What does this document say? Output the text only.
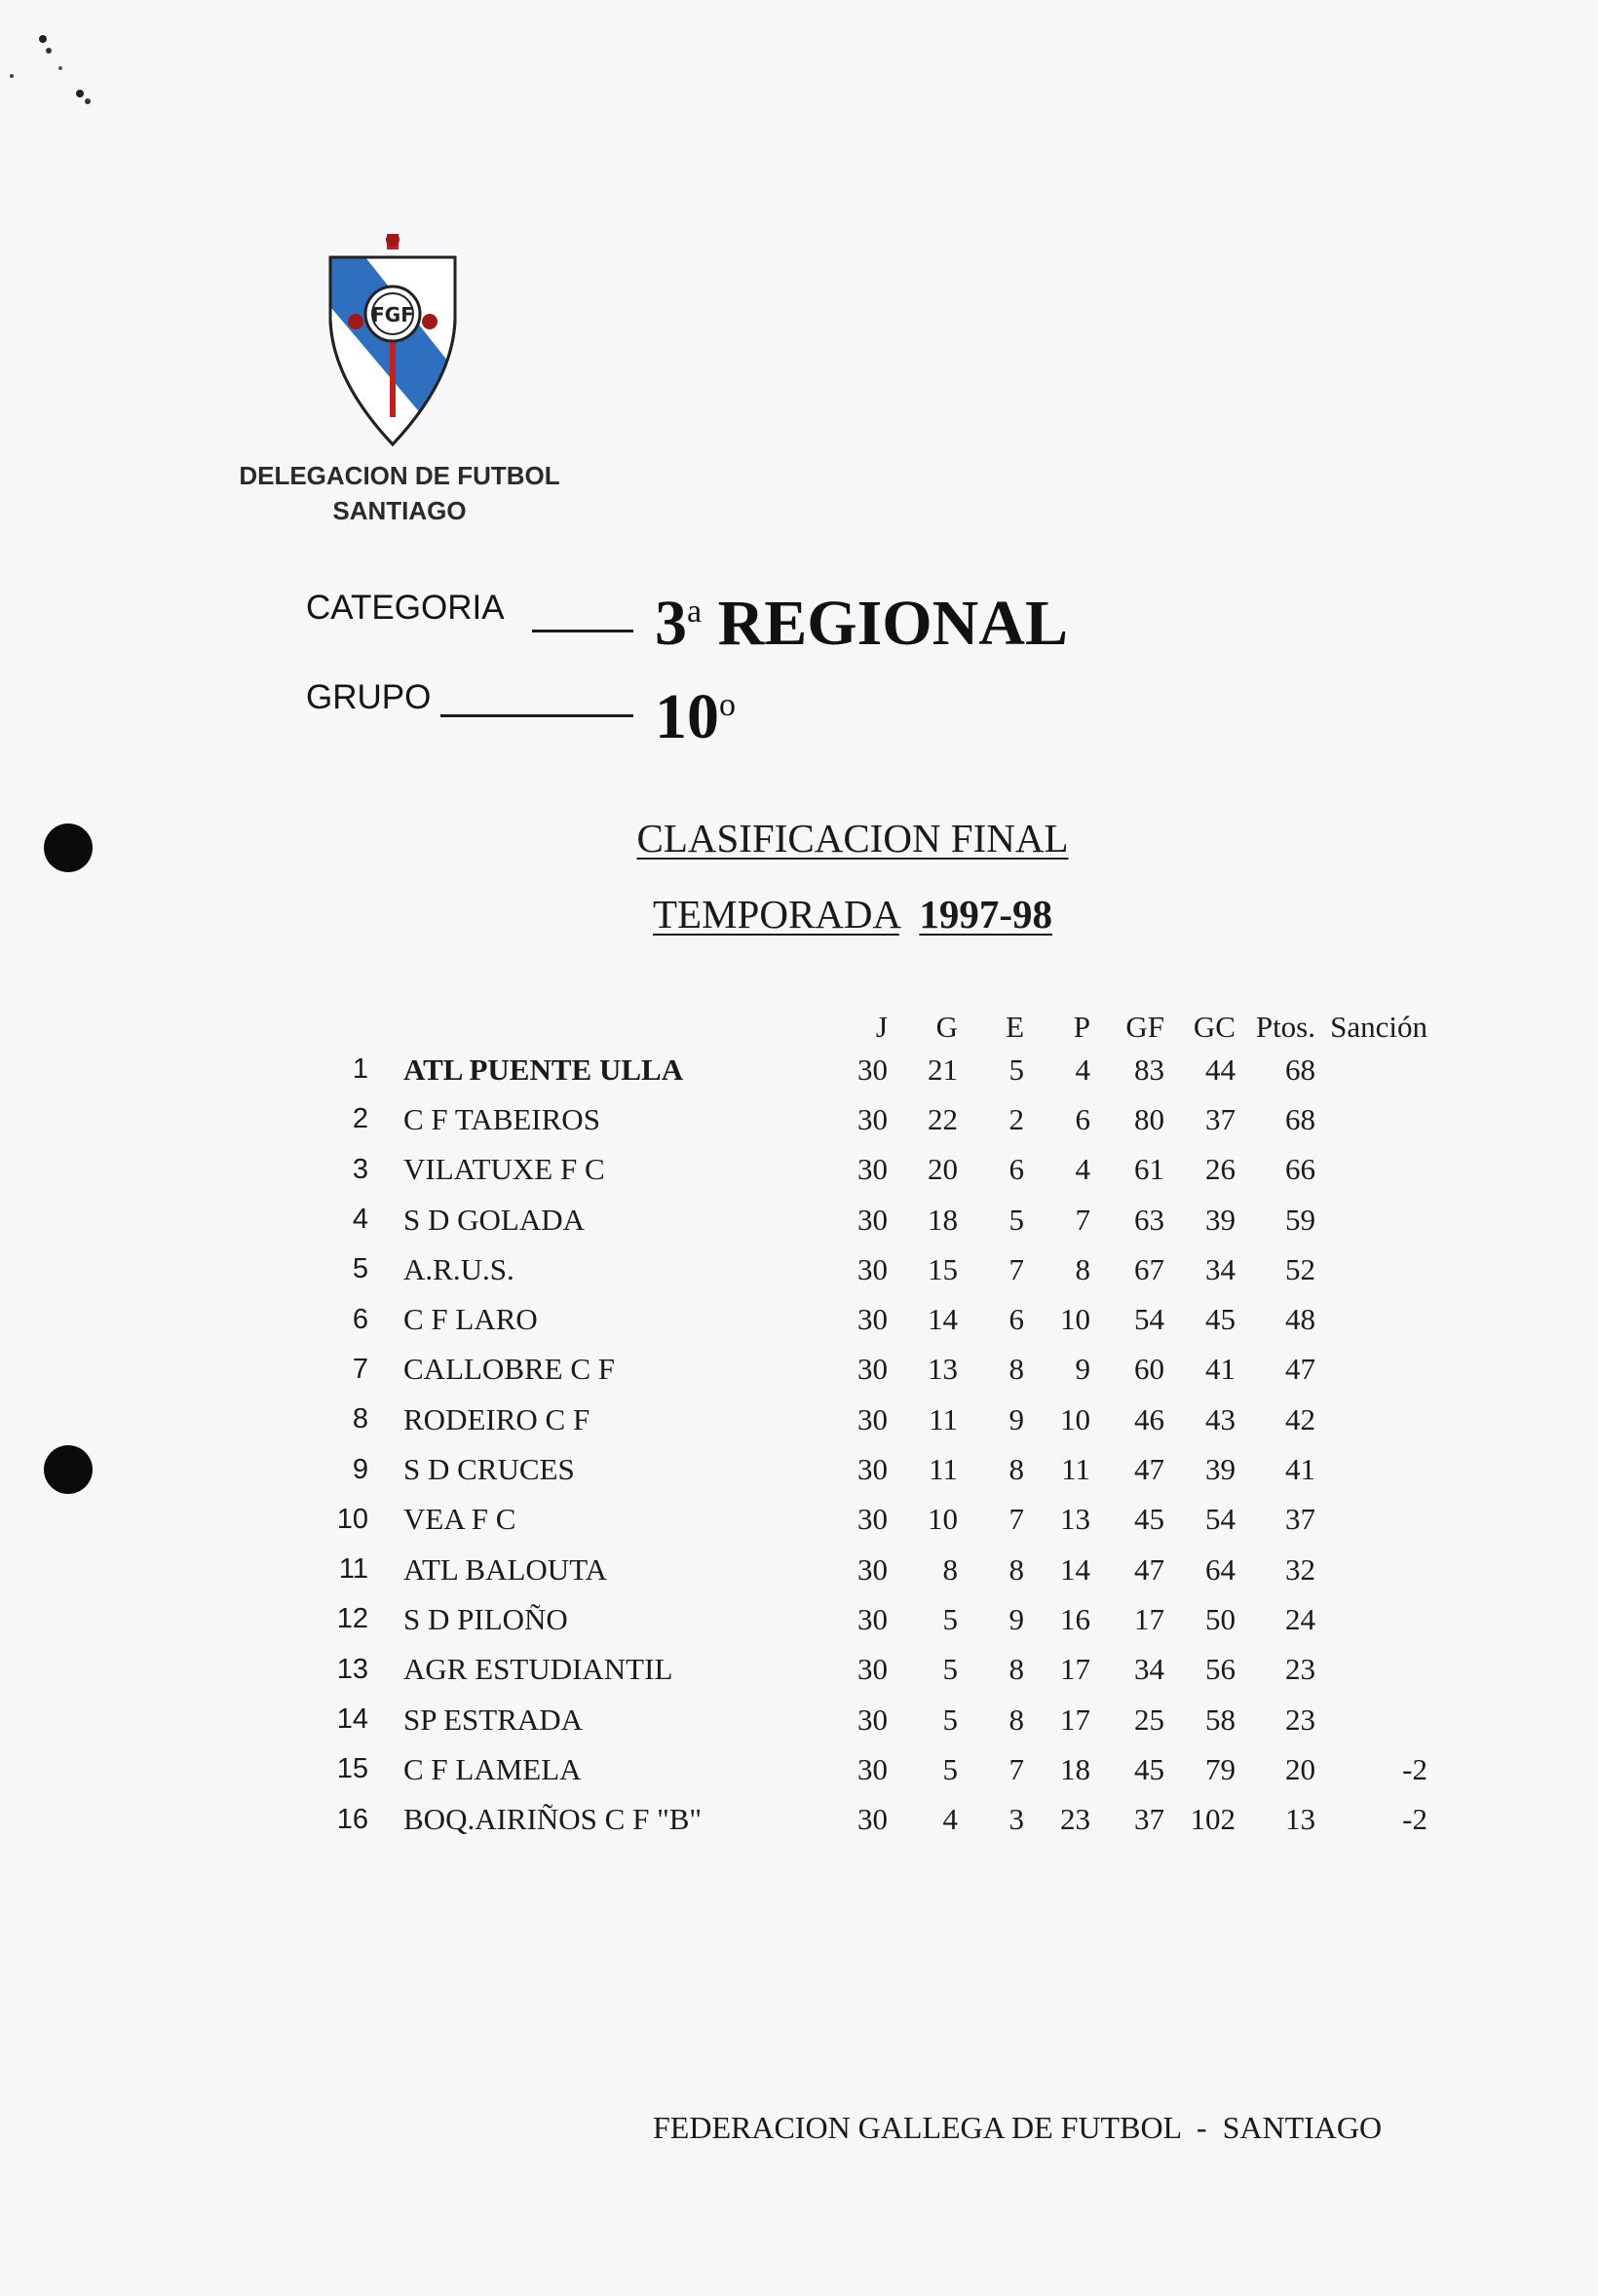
FGF
DELEGACION DE FUTBOL
SANTIAGO
CATEGORIA 3$^a$ REGIONAL
GRUPO	10$^o$
CLASIFICACION FINAL
TEMPORADA 1997-98
		J	G	E	P	GF	GC	Ptos.	Sanción
1	ATL PUENTE ULLA	30	21	5	4	83	44	68	
2	C F TABEIROS	30	22	2	6	80	37	68	
3	VILATUXE F C	30	20	6	4	61	26	66	
4	S D GOLADA	30	18	5	7	63	39	59	
5	A.R.U.S.	30	15	7	8	67	34	52	
6	C F LARO	30	14	6	10	54	45	48	
7	CALLOBRE C F	30	13	8	9	60	41	47	
8	RODEIRO C F	30	11	9	10	46	43	42	
9	S D CRUCES	30	11	8	11	47	39	41	
10	VEA F C	30	10	7	13	45	54	37	
11	ATL BALOUTA	30	8	8	14	47	64	32	
12	S D PILOÑO	30	5	9	16	17	50	24	
13	AGR ESTUDIANTIL	30	5	8	17	34	56	23	
14	SP ESTRADA	30	5	8	17	25	58	23	
15	C F LAMELA	30	5	7	18	45	79	20	-2
16	BOQ.AIRIÑOS C F "B"	30	4	3	23	37	102	13	-2
FEDERACION GALLEGA DE FUTBOL  -  SANTIAGO
